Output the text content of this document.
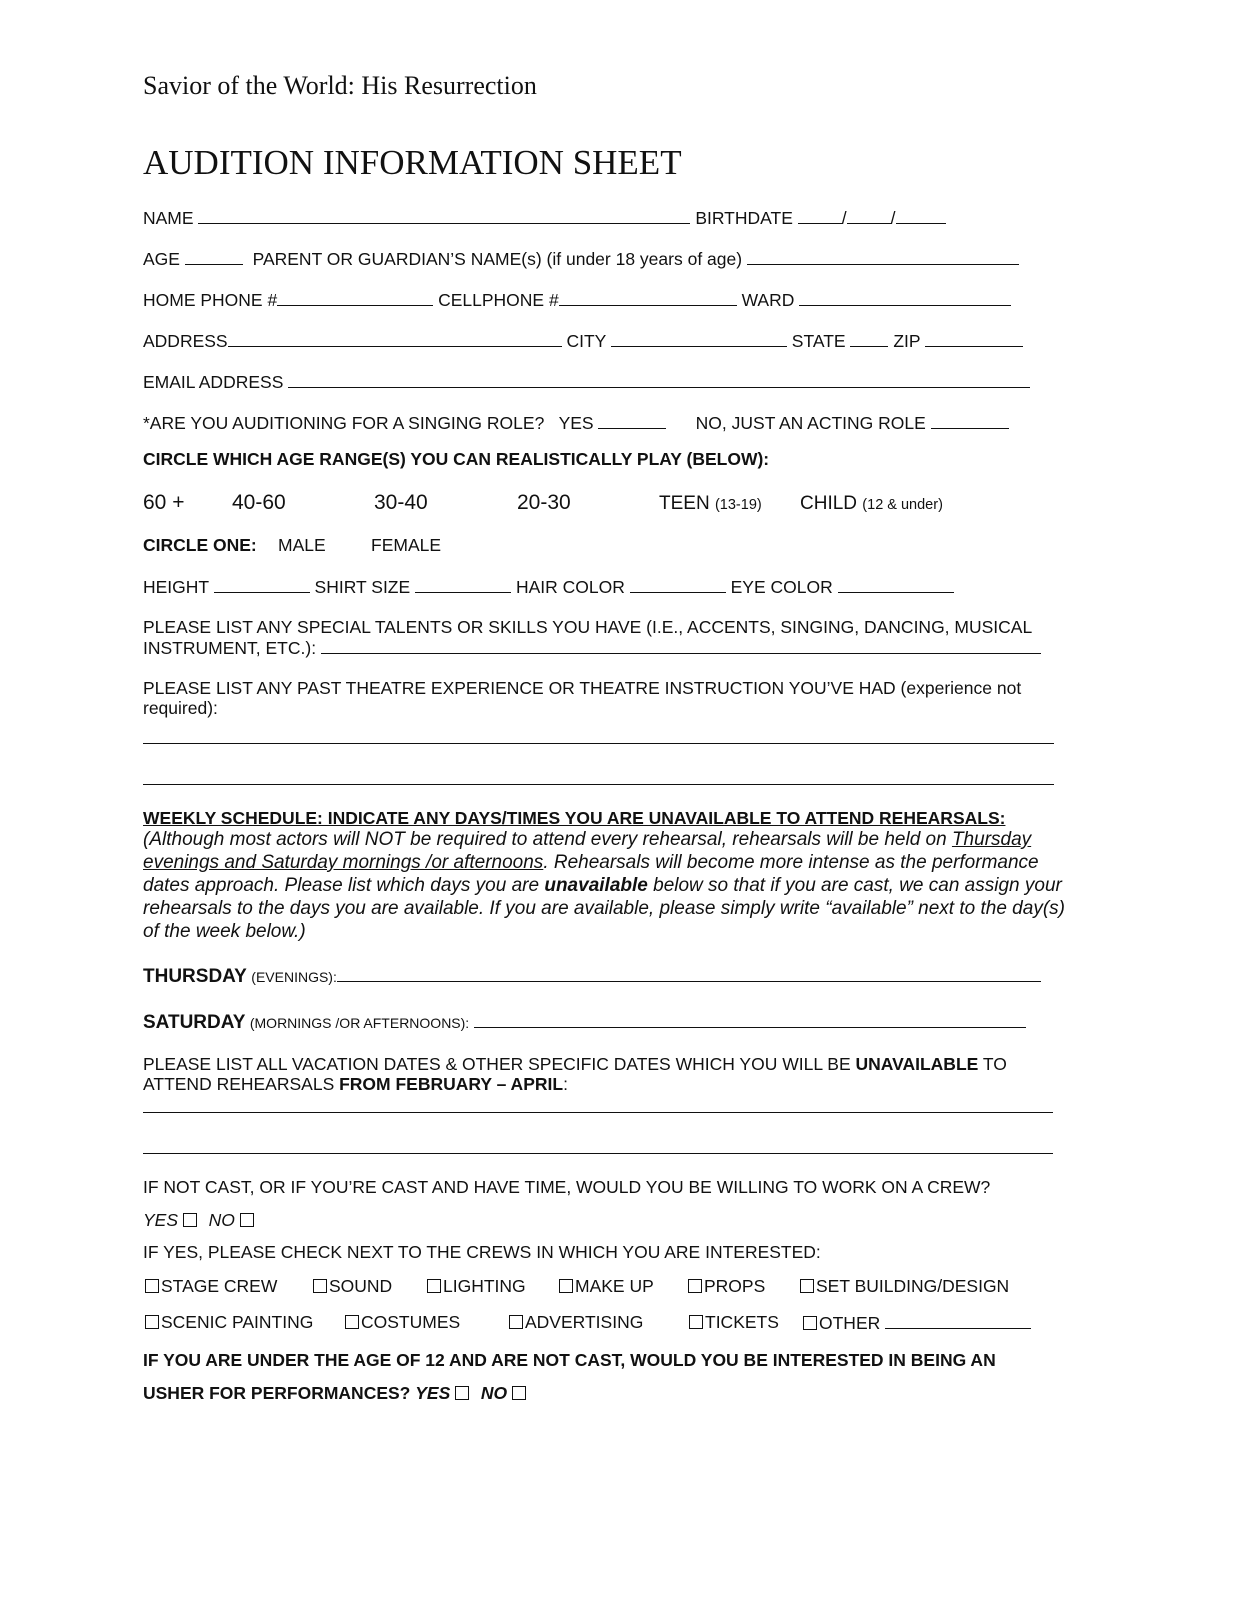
Savior of the World: His Resurrection
AUDITION INFORMATION SHEET
NAME	BIRTHDATE	/	/
AGE	PARENT OR GUARDIAN’S NAME(s) (if under 18 years of age)
HOME PHONE #	CELLPHONE #	WARD
ADDRESS	CITY	STATE	ZIP
EMAIL ADDRESS
*ARE YOU AUDITIONING FOR A SINGING ROLE? YES	NO, JUST AN ACTING ROLE
CIRCLE WHICH AGE RANGE(S) YOU CAN REALISTICALLY PLAY (BELOW):
60 + 40-60	30-40	20-30	TEEN (13-19) CHILD (12 & under)
CIRCLE ONE: MALE	FEMALE
HEIGHT	SHIRT SIZE	HAIR COLOR	EYE COLOR
PLEASE LIST ANY SPECIAL TALENTS OR SKILLS YOU HAVE (I.E., ACCENTS, SINGING, DANCING, MUSICAL
INSTRUMENT, ETC.):
PLEASE LIST ANY PAST THEATRE EXPERIENCE OR THEATRE INSTRUCTION YOU’VE HAD (experience not
required):
WEEKLY SCHEDULE: INDICATE ANY DAYS/TIMES YOU ARE UNAVAILABLE TO ATTEND REHEARSALS:
(Although most actors will NOT be required to attend every rehearsal, rehearsals will be held on Thursday evenings and Saturday mornings /or afternoons. Rehearsals will become more intense as the performance dates approach. Please list which days you are unavailable below so that if you are cast, we can assign your rehearsals to the days you are available. If you are available, please simply write “available” next to the day(s) of the week below.)
THURSDAY (EVENINGS):
SATURDAY (MORNINGS /OR AFTERNOONS):
PLEASE LIST ALL VACATION DATES & OTHER SPECIFIC DATES WHICH YOU WILL BE UNAVAILABLE TO ATTEND REHEARSALS FROM FEBRUARY – APRIL:
IF NOT CAST, OR IF YOU’RE CAST AND HAVE TIME, WOULD YOU BE WILLING TO WORK ON A CREW?
YES NO
IF YES, PLEASE CHECK NEXT TO THE CREWS IN WHICH YOU ARE INTERESTED:
STAGE CREW	SOUND	LIGHTING	MAKE UP	PROPS	SET BUILDING/DESIGN
SCENIC PAINTING	COSTUMES	ADVERTISING	TICKETS	OTHER
IF YOU ARE UNDER THE AGE OF 12 AND ARE NOT CAST, WOULD YOU BE INTERESTED IN BEING AN
USHER FOR PERFORMANCES? YES NO
